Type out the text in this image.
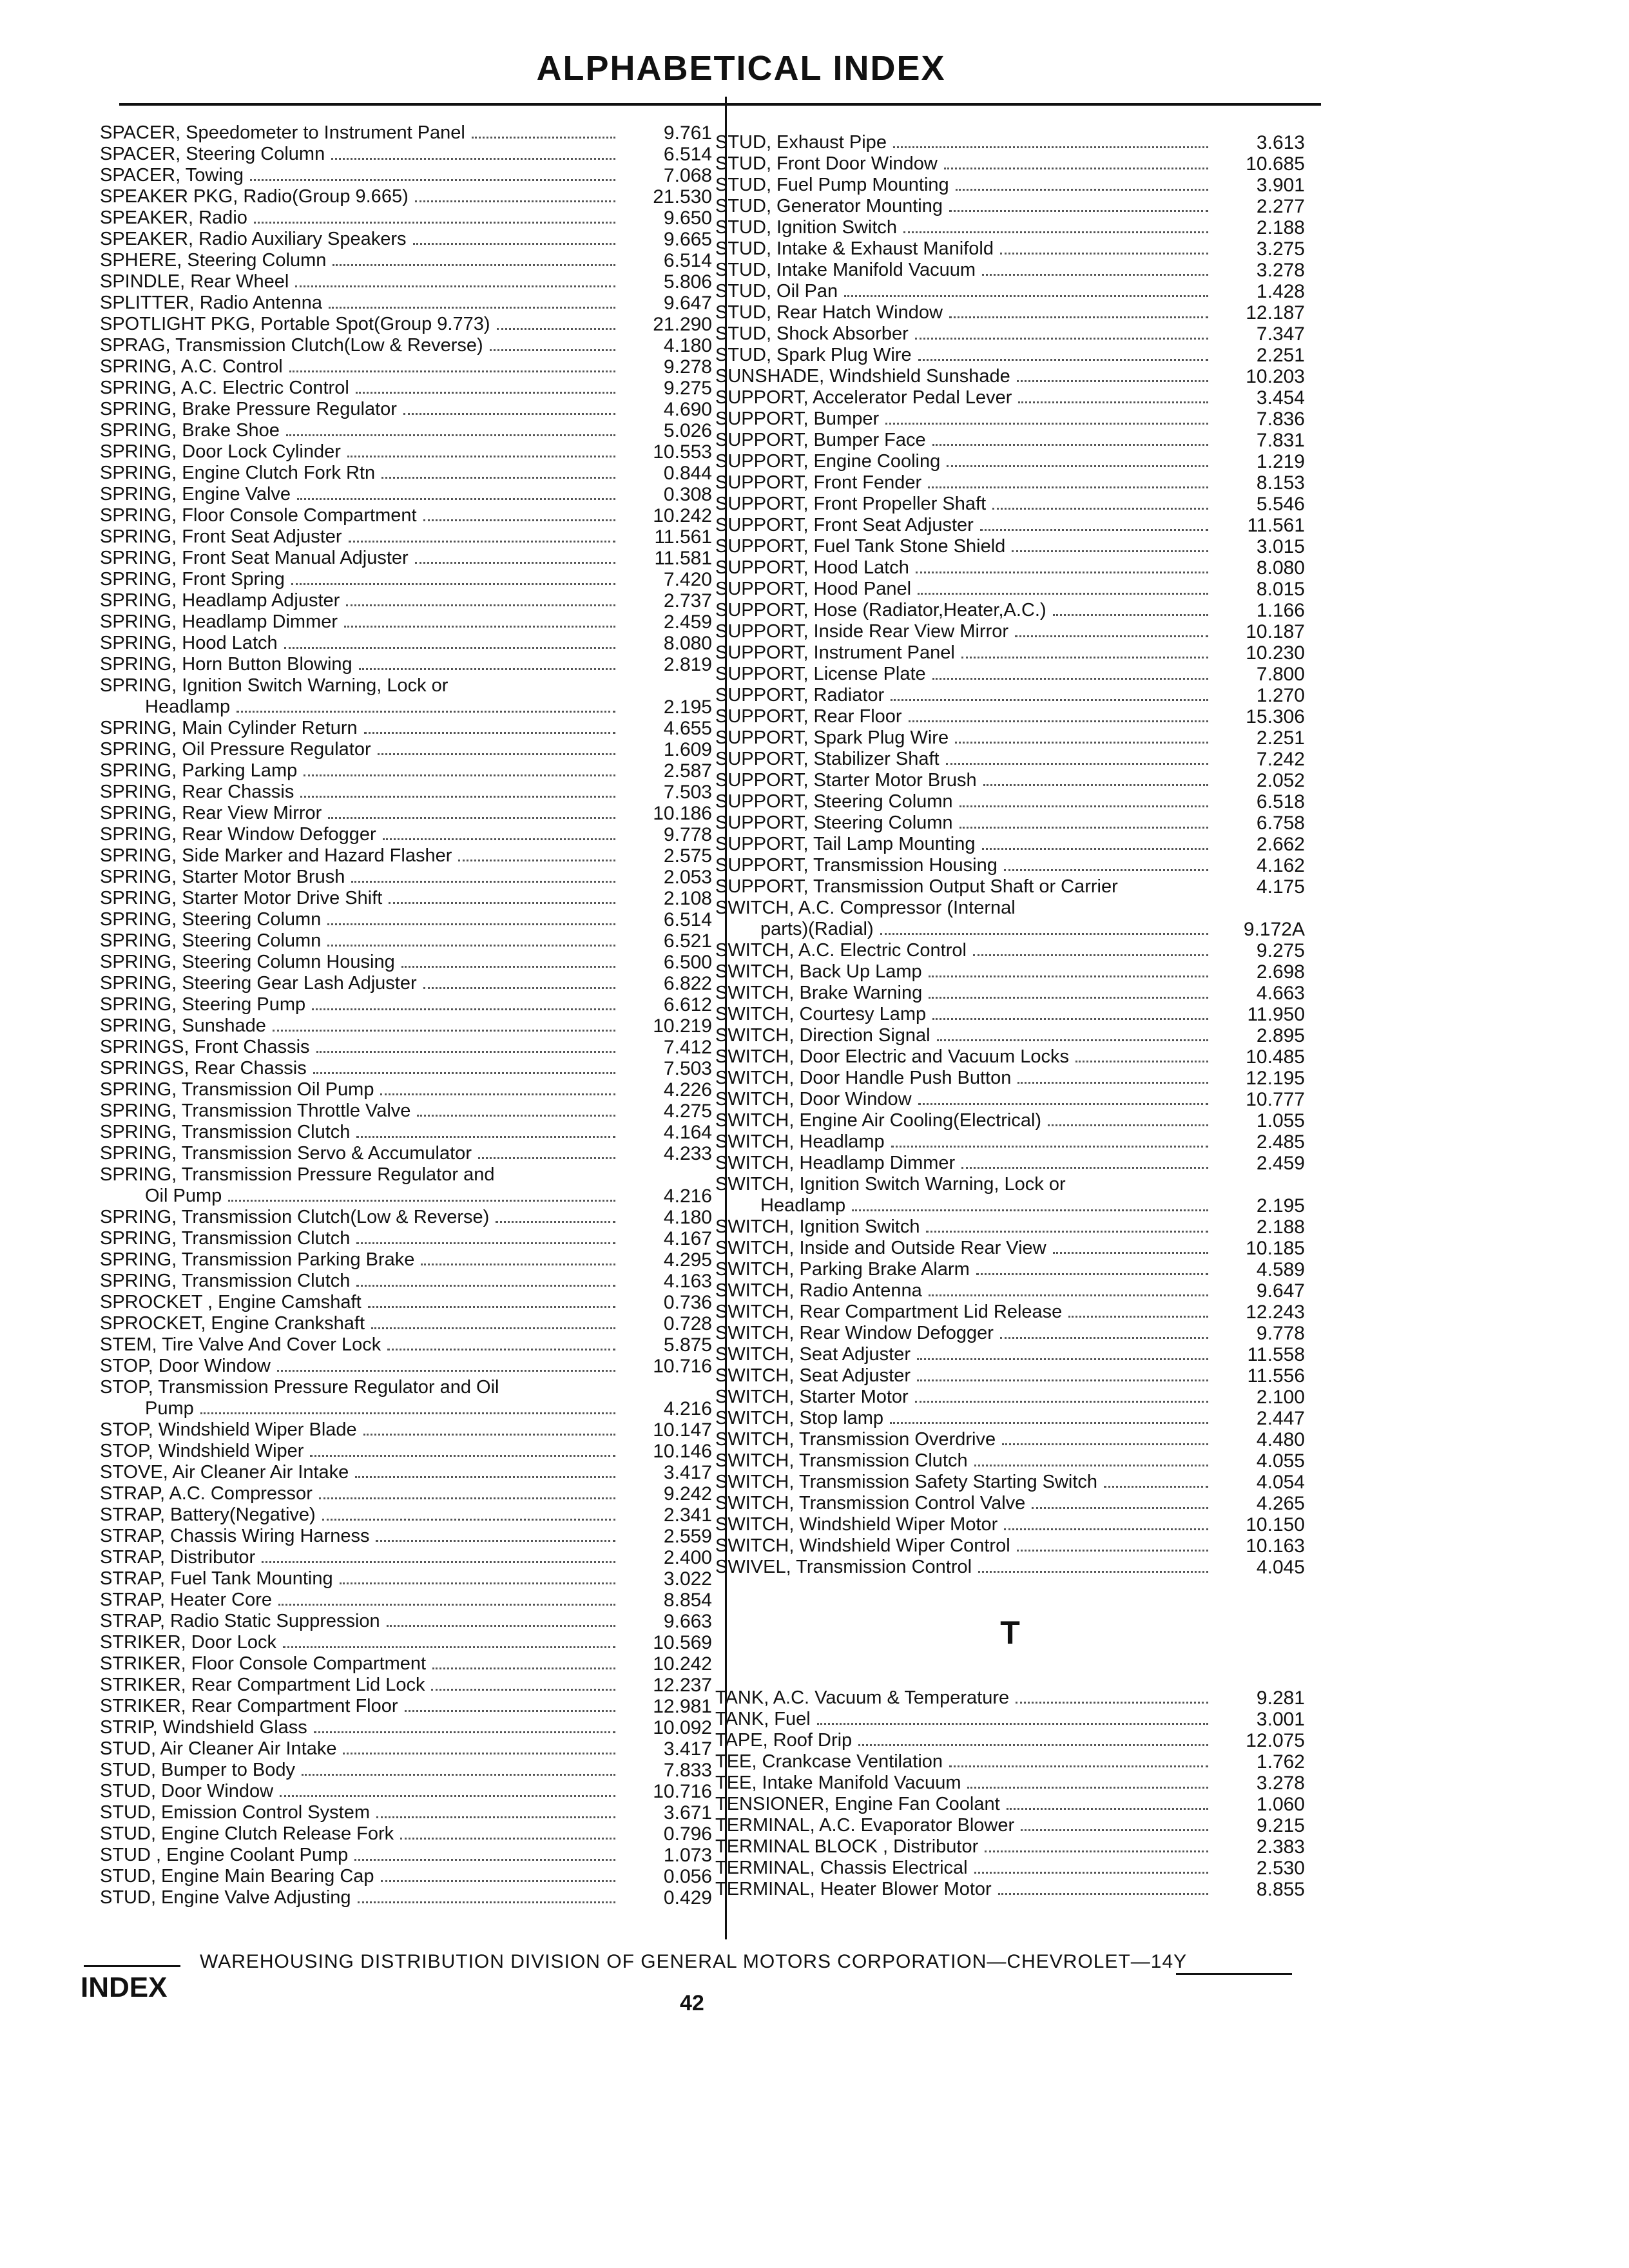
ALPHABETICAL INDEX
SPACER, Speedometer to Instrument Panel	9.761
SPACER, Steering Column	6.514
SPACER, Towing	7.068
SPEAKER PKG, Radio(Group 9.665)	21.530
SPEAKER, Radio	9.650
SPEAKER, Radio Auxiliary Speakers	9.665
SPHERE, Steering Column	6.514
SPINDLE, Rear Wheel	5.806
SPLITTER, Radio Antenna	9.647
SPOTLIGHT PKG, Portable Spot(Group 9.773)	21.290
SPRAG, Transmission Clutch(Low & Reverse)	4.180
SPRING, A.C. Control	9.278
SPRING, A.C. Electric Control	9.275
SPRING, Brake Pressure Regulator	4.690
SPRING, Brake Shoe	5.026
SPRING, Door Lock Cylinder	10.553
SPRING, Engine Clutch Fork Rtn	0.844
SPRING, Engine Valve	0.308
SPRING, Floor Console Compartment	10.242
SPRING, Front Seat Adjuster	11.561
SPRING, Front Seat Manual Adjuster	11.581
SPRING, Front Spring	7.420
SPRING, Headlamp Adjuster	2.737
SPRING, Headlamp Dimmer	2.459
SPRING, Hood Latch	8.080
SPRING, Horn Button Blowing	2.819
SPRING, Ignition Switch Warning, Lock or
Headlamp	2.195
SPRING, Main Cylinder Return	4.655
SPRING, Oil Pressure Regulator	1.609
SPRING, Parking Lamp	2.587
SPRING, Rear Chassis	7.503
SPRING, Rear View Mirror	10.186
SPRING, Rear Window Defogger	9.778
SPRING, Side Marker and Hazard Flasher	2.575
SPRING, Starter Motor Brush	2.053
SPRING, Starter Motor Drive Shift	2.108
SPRING, Steering Column	6.514
SPRING, Steering Column	6.521
SPRING, Steering Column Housing	6.500
SPRING, Steering Gear Lash Adjuster	6.822
SPRING, Steering Pump	6.612
SPRING, Sunshade	10.219
SPRINGS, Front Chassis	7.412
SPRINGS, Rear Chassis	7.503
SPRING, Transmission Oil Pump	4.226
SPRING, Transmission Throttle Valve	4.275
SPRING, Transmission Clutch	4.164
SPRING, Transmission Servo & Accumulator	4.233
SPRING, Transmission Pressure Regulator and
Oil Pump	4.216
SPRING, Transmission Clutch(Low & Reverse)	4.180
SPRING, Transmission Clutch	4.167
SPRING, Transmission Parking Brake	4.295
SPRING, Transmission Clutch	4.163
SPROCKET , Engine Camshaft	0.736
SPROCKET, Engine Crankshaft	0.728
STEM, Tire Valve And Cover Lock	5.875
STOP, Door Window	10.716
STOP, Transmission Pressure Regulator and Oil
Pump	4.216
STOP, Windshield Wiper Blade	10.147
STOP, Windshield Wiper	10.146
STOVE, Air Cleaner Air Intake	3.417
STRAP, A.C. Compressor	9.242
STRAP, Battery(Negative)	2.341
STRAP, Chassis Wiring Harness	2.559
STRAP, Distributor	2.400
STRAP, Fuel Tank Mounting	3.022
STRAP, Heater Core	8.854
STRAP, Radio Static Suppression	9.663
STRIKER, Door Lock	10.569
STRIKER, Floor Console Compartment	10.242
STRIKER, Rear Compartment Lid Lock	12.237
STRIKER, Rear Compartment Floor	12.981
STRIP, Windshield Glass	10.092
STUD, Air Cleaner Air Intake	3.417
STUD, Bumper to Body	7.833
STUD, Door Window	10.716
STUD, Emission Control System	3.671
STUD, Engine Clutch Release Fork	0.796
STUD , Engine Coolant Pump	1.073
STUD, Engine Main Bearing Cap	0.056
STUD, Engine Valve Adjusting	0.429
STUD, Exhaust Pipe	3.613
STUD, Front Door Window	10.685
STUD, Fuel Pump Mounting	3.901
STUD, Generator Mounting	2.277
STUD, Ignition Switch	2.188
STUD, Intake & Exhaust Manifold	3.275
STUD, Intake Manifold Vacuum	3.278
STUD, Oil Pan	1.428
STUD, Rear Hatch Window	12.187
STUD, Shock Absorber	7.347
STUD, Spark Plug Wire	2.251
SUNSHADE, Windshield Sunshade	10.203
SUPPORT, Accelerator Pedal Lever	3.454
SUPPORT, Bumper	7.836
SUPPORT, Bumper Face	7.831
SUPPORT, Engine Cooling	1.219
SUPPORT, Front Fender	8.153
SUPPORT, Front Propeller Shaft	5.546
SUPPORT, Front Seat Adjuster	11.561
SUPPORT, Fuel Tank Stone Shield	3.015
SUPPORT, Hood Latch	8.080
SUPPORT, Hood Panel	8.015
SUPPORT, Hose (Radiator,Heater,A.C.)	1.166
SUPPORT, Inside Rear View Mirror	10.187
SUPPORT, Instrument Panel	10.230
SUPPORT, License Plate	7.800
SUPPORT, Radiator	1.270
SUPPORT, Rear Floor	15.306
SUPPORT, Spark Plug Wire	2.251
SUPPORT, Stabilizer Shaft	7.242
SUPPORT, Starter Motor Brush	2.052
SUPPORT, Steering Column	6.518
SUPPORT, Steering Column	6.758
SUPPORT, Tail Lamp Mounting	2.662
SUPPORT, Transmission Housing	4.162
SUPPORT, Transmission Output Shaft or Carrier	4.175
SWITCH, A.C. Compressor (Internal
parts)(Radial)	9.172A
SWITCH, A.C. Electric Control	9.275
SWITCH, Back Up Lamp	2.698
SWITCH, Brake Warning	4.663
SWITCH, Courtesy Lamp	11.950
SWITCH, Direction Signal	2.895
SWITCH, Door Electric and Vacuum Locks	10.485
SWITCH, Door Handle Push Button	12.195
SWITCH, Door Window	10.777
SWITCH, Engine Air Cooling(Electrical)	1.055
SWITCH, Headlamp	2.485
SWITCH, Headlamp Dimmer	2.459
SWITCH, Ignition Switch Warning, Lock or
Headlamp	2.195
SWITCH, Ignition Switch	2.188
SWITCH, Inside and Outside Rear View	10.185
SWITCH, Parking Brake Alarm	4.589
SWITCH, Radio Antenna	9.647
SWITCH, Rear Compartment Lid Release	12.243
SWITCH, Rear Window Defogger	9.778
SWITCH, Seat Adjuster	11.558
SWITCH, Seat Adjuster	11.556
SWITCH, Starter Motor	2.100
SWITCH, Stop lamp	2.447
SWITCH, Transmission Overdrive	4.480
SWITCH, Transmission Clutch	4.055
SWITCH, Transmission Safety Starting Switch	4.054
SWITCH, Transmission Control Valve	4.265
SWITCH, Windshield Wiper Motor	10.150
SWITCH, Windshield Wiper Control	10.163
SWIVEL, Transmission Control	4.045
T
TANK, A.C. Vacuum & Temperature	9.281
TANK, Fuel	3.001
TAPE, Roof Drip	12.075
TEE, Crankcase Ventilation	1.762
TEE, Intake Manifold Vacuum	3.278
TENSIONER, Engine Fan Coolant	1.060
TERMINAL, A.C. Evaporator Blower	9.215
TERMINAL BLOCK , Distributor	2.383
TERMINAL, Chassis Electrical	2.530
TERMINAL, Heater Blower Motor	8.855
WAREHOUSING DISTRIBUTION DIVISION OF GENERAL MOTORS CORPORATION—CHEVROLET—14Y
INDEX	42
